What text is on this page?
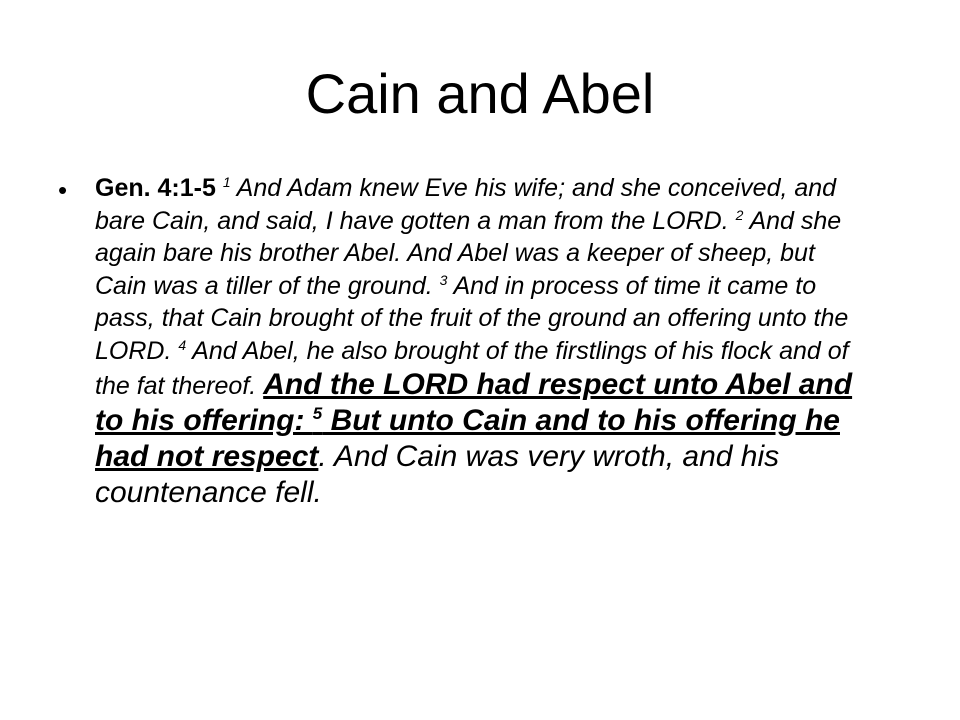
Cain and Abel
• Gen. 4:1-5 $^1$ And Adam knew Eve his wife; and she conceived, and bare Cain, and said, I have gotten a man from the LORD. $^2$ And she again bare his brother Abel. And Abel was a keeper of sheep, but Cain was a tiller of the ground. $^3$ And in process of time it came to pass, that Cain brought of the fruit of the ground an offering unto the LORD. $^4$ And Abel, he also brought of the firstlings of his flock and of the fat thereof. And the LORD had respect unto Abel and to his offering: $^5$ But unto Cain and to his offering he had not respect. And Cain was very wroth, and his countenance fell.
